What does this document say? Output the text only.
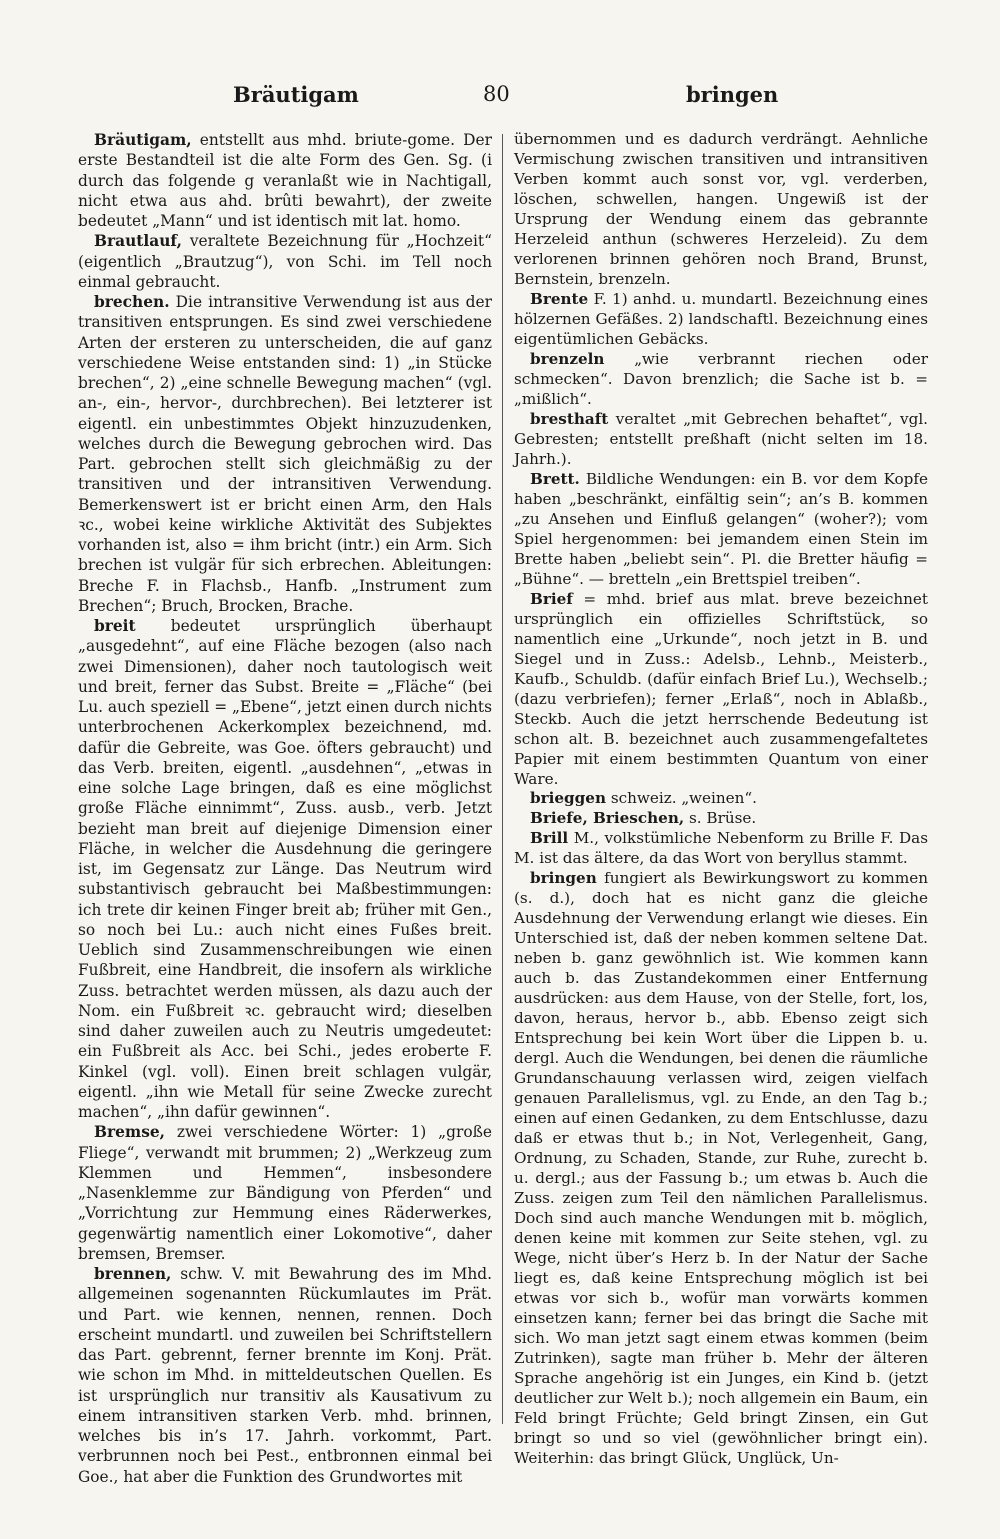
Bräutigam	80	bringen

Bräutigam, entstellt aus mhd. briute-gome. Der erste Bestandteil ist die alte Form des Gen. Sg. (i durch das folgende g veranlaßt wie in Nachtigall, nicht etwa aus ahd. brûti bewahrt), der zweite bedeutet „Mann“ und ist identisch mit lat. homo.

Brautlauf, veraltete Bezeichnung für „Hochzeit“ (eigentlich „Brautzug“), von Schi. im Tell noch einmal gebraucht.

brechen. Die intransitive Verwendung ist aus der transitiven entsprungen. Es sind zwei verschiedene Arten der ersteren zu unterscheiden, die auf ganz verschiedene Weise entstanden sind: 1) „in Stücke brechen“, 2) „eine schnelle Bewegung machen“ (vgl. an-, ein-, hervor-, durchbrechen). Bei letzterer ist eigentl. ein unbestimmtes Objekt hinzuzudenken, welches durch die Bewegung gebrochen wird. Das Part. gebrochen stellt sich gleichmäßig zu der transitiven und der intransitiven Verwendung. Bemerkenswert ist er bricht einen Arm, den Hals ꝛc., wobei keine wirkliche Aktivität des Subjektes vorhanden ist, also = ihm bricht (intr.) ein Arm. Sich brechen ist vulgär für sich erbrechen. Ableitungen: Breche F. in Flachsb., Hanfb. „Instrument zum Brechen“; Bruch, Brocken, Brache.

breit bedeutet ursprünglich überhaupt „ausgedehnt“, auf eine Fläche bezogen (also nach zwei Dimensionen), daher noch tautologisch weit und breit, ferner das Subst. Breite = „Fläche“ (bei Lu. auch speziell = „Ebene“, jetzt einen durch nichts unterbrochenen Ackerkomplex bezeichnend, md. dafür die Gebreite, was Goe. öfters gebraucht) und das Verb. breiten, eigentl. „ausdehnen“, „etwas in eine solche Lage bringen, daß es eine möglichst große Fläche einnimmt“, Zuss. ausb., verb. Jetzt bezieht man breit auf diejenige Dimension einer Fläche, in welcher die Ausdehnung die geringere ist, im Gegensatz zur Länge. Das Neutrum wird substantivisch gebraucht bei Maßbestimmungen: ich trete dir keinen Finger breit ab; früher mit Gen., so noch bei Lu.: auch nicht eines Fußes breit. Ueblich sind Zusammenschreibungen wie einen Fußbreit, eine Handbreit, die insofern als wirkliche Zuss. betrachtet werden müssen, als dazu auch der Nom. ein Fußbreit ꝛc. gebraucht wird; dieselben sind daher zuweilen auch zu Neutris umgedeutet: ein Fußbreit als Acc. bei Schi., jedes eroberte F. Kinkel (vgl. voll). Einen breit schlagen vulgär, eigentl. „ihn wie Metall für seine Zwecke zurecht machen“, „ihn dafür gewinnen“.

Bremse, zwei verschiedene Wörter: 1) „große Fliege“, verwandt mit brummen; 2) „Werkzeug zum Klemmen und Hemmen“, insbesondere „Nasenklemme zur Bändigung von Pferden“ und „Vorrichtung zur Hemmung eines Räderwerkes, gegenwärtig namentlich einer Lokomotive“, daher bremsen, Bremser.

brennen, schw. V. mit Bewahrung des im Mhd. allgemeinen sogenannten Rückumlautes im Prät. und Part. wie kennen, nennen, rennen. Doch erscheint mundartl. und zuweilen bei Schriftstellern das Part. gebrennt, ferner brennte im Konj. Prät. wie schon im Mhd. in mitteldeutschen Quellen. Es ist ursprünglich nur transitiv als Kausativum zu einem intransitiven starken Verb. mhd. brinnen, welches bis in’s 17. Jahrh. vorkommt, Part. verbrunnen noch bei Pest., entbronnen einmal bei Goe., hat aber die Funktion des Grundwortes mit

übernommen und es dadurch verdrängt. Aehnliche Vermischung zwischen transitiven und intransitiven Verben kommt auch sonst vor, vgl. verderben, löschen, schwellen, hangen. Ungewiß ist der Ursprung der Wendung einem das gebrannte Herzeleid anthun (schweres Herzeleid). Zu dem verlorenen brinnen gehören noch Brand, Brunst, Bernstein, brenzeln.

Brente F. 1) anhd. u. mundartl. Bezeichnung eines hölzernen Gefäßes. 2) landschaftl. Bezeichnung eines eigentümlichen Gebäcks.

brenzeln „wie verbrannt riechen oder schmecken“. Davon brenzlich; die Sache ist b. = „mißlich“.

bresthaft veraltet „mit Gebrechen behaftet“, vgl. Gebresten; entstellt preßhaft (nicht selten im 18. Jahrh.).

Brett. Bildliche Wendungen: ein B. vor dem Kopfe haben „beschränkt, einfältig sein“; an’s B. kommen „zu Ansehen und Einfluß gelangen“ (woher?); vom Spiel hergenommen: bei jemandem einen Stein im Brette haben „beliebt sein“. Pl. die Bretter häufig = „Bühne“. — bretteln „ein Brettspiel treiben“.

Brief = mhd. brief aus mlat. breve bezeichnet ursprünglich ein offizielles Schriftstück, so namentlich eine „Urkunde“, noch jetzt in B. und Siegel und in Zuss.: Adelsb., Lehnb., Meisterb., Kaufb., Schuldb. (dafür einfach Brief Lu.), Wechselb.; (dazu verbriefen); ferner „Erlaß“, noch in Ablaßb., Steckb. Auch die jetzt herrschende Bedeutung ist schon alt. B. bezeichnet auch zusammengefaltetes Papier mit einem bestimmten Quantum von einer Ware.

brieggen schweiz. „weinen“.

Briefe, Brieschen, s. Brüse.

Brill M., volkstümliche Nebenform zu Brille F. Das M. ist das ältere, da das Wort von beryllus stammt.

bringen fungiert als Bewirkungswort zu kommen (s. d.), doch hat es nicht ganz die gleiche Ausdehnung der Verwendung erlangt wie dieses. Ein Unterschied ist, daß der neben kommen seltene Dat. neben b. ganz gewöhnlich ist. Wie kommen kann auch b. das Zustandekommen einer Entfernung ausdrücken: aus dem Hause, von der Stelle, fort, los, davon, heraus, hervor b., abb. Ebenso zeigt sich Entsprechung bei kein Wort über die Lippen b. u. dergl. Auch die Wendungen, bei denen die räumliche Grundanschauung verlassen wird, zeigen vielfach genauen Parallelismus, vgl. zu Ende, an den Tag b.; einen auf einen Gedanken, zu dem Entschlusse, dazu daß er etwas thut b.; in Not, Verlegenheit, Gang, Ordnung, zu Schaden, Stande, zur Ruhe, zurecht b. u. dergl.; aus der Fassung b.; um etwas b. Auch die Zuss. zeigen zum Teil den nämlichen Parallelismus. Doch sind auch manche Wendungen mit b. möglich, denen keine mit kommen zur Seite stehen, vgl. zu Wege, nicht über’s Herz b. In der Natur der Sache liegt es, daß keine Entsprechung möglich ist bei etwas vor sich b., wofür man vorwärts kommen einsetzen kann; ferner bei das bringt die Sache mit sich. Wo man jetzt sagt einem etwas kommen (beim Zutrinken), sagte man früher b. Mehr der älteren Sprache angehörig ist ein Junges, ein Kind b. (jetzt deutlicher zur Welt b.); noch allgemein ein Baum, ein Feld bringt Früchte; Geld bringt Zinsen, ein Gut bringt so und so viel (gewöhnlicher bringt ein). Weiterhin: das bringt Glück, Unglück, Un-
